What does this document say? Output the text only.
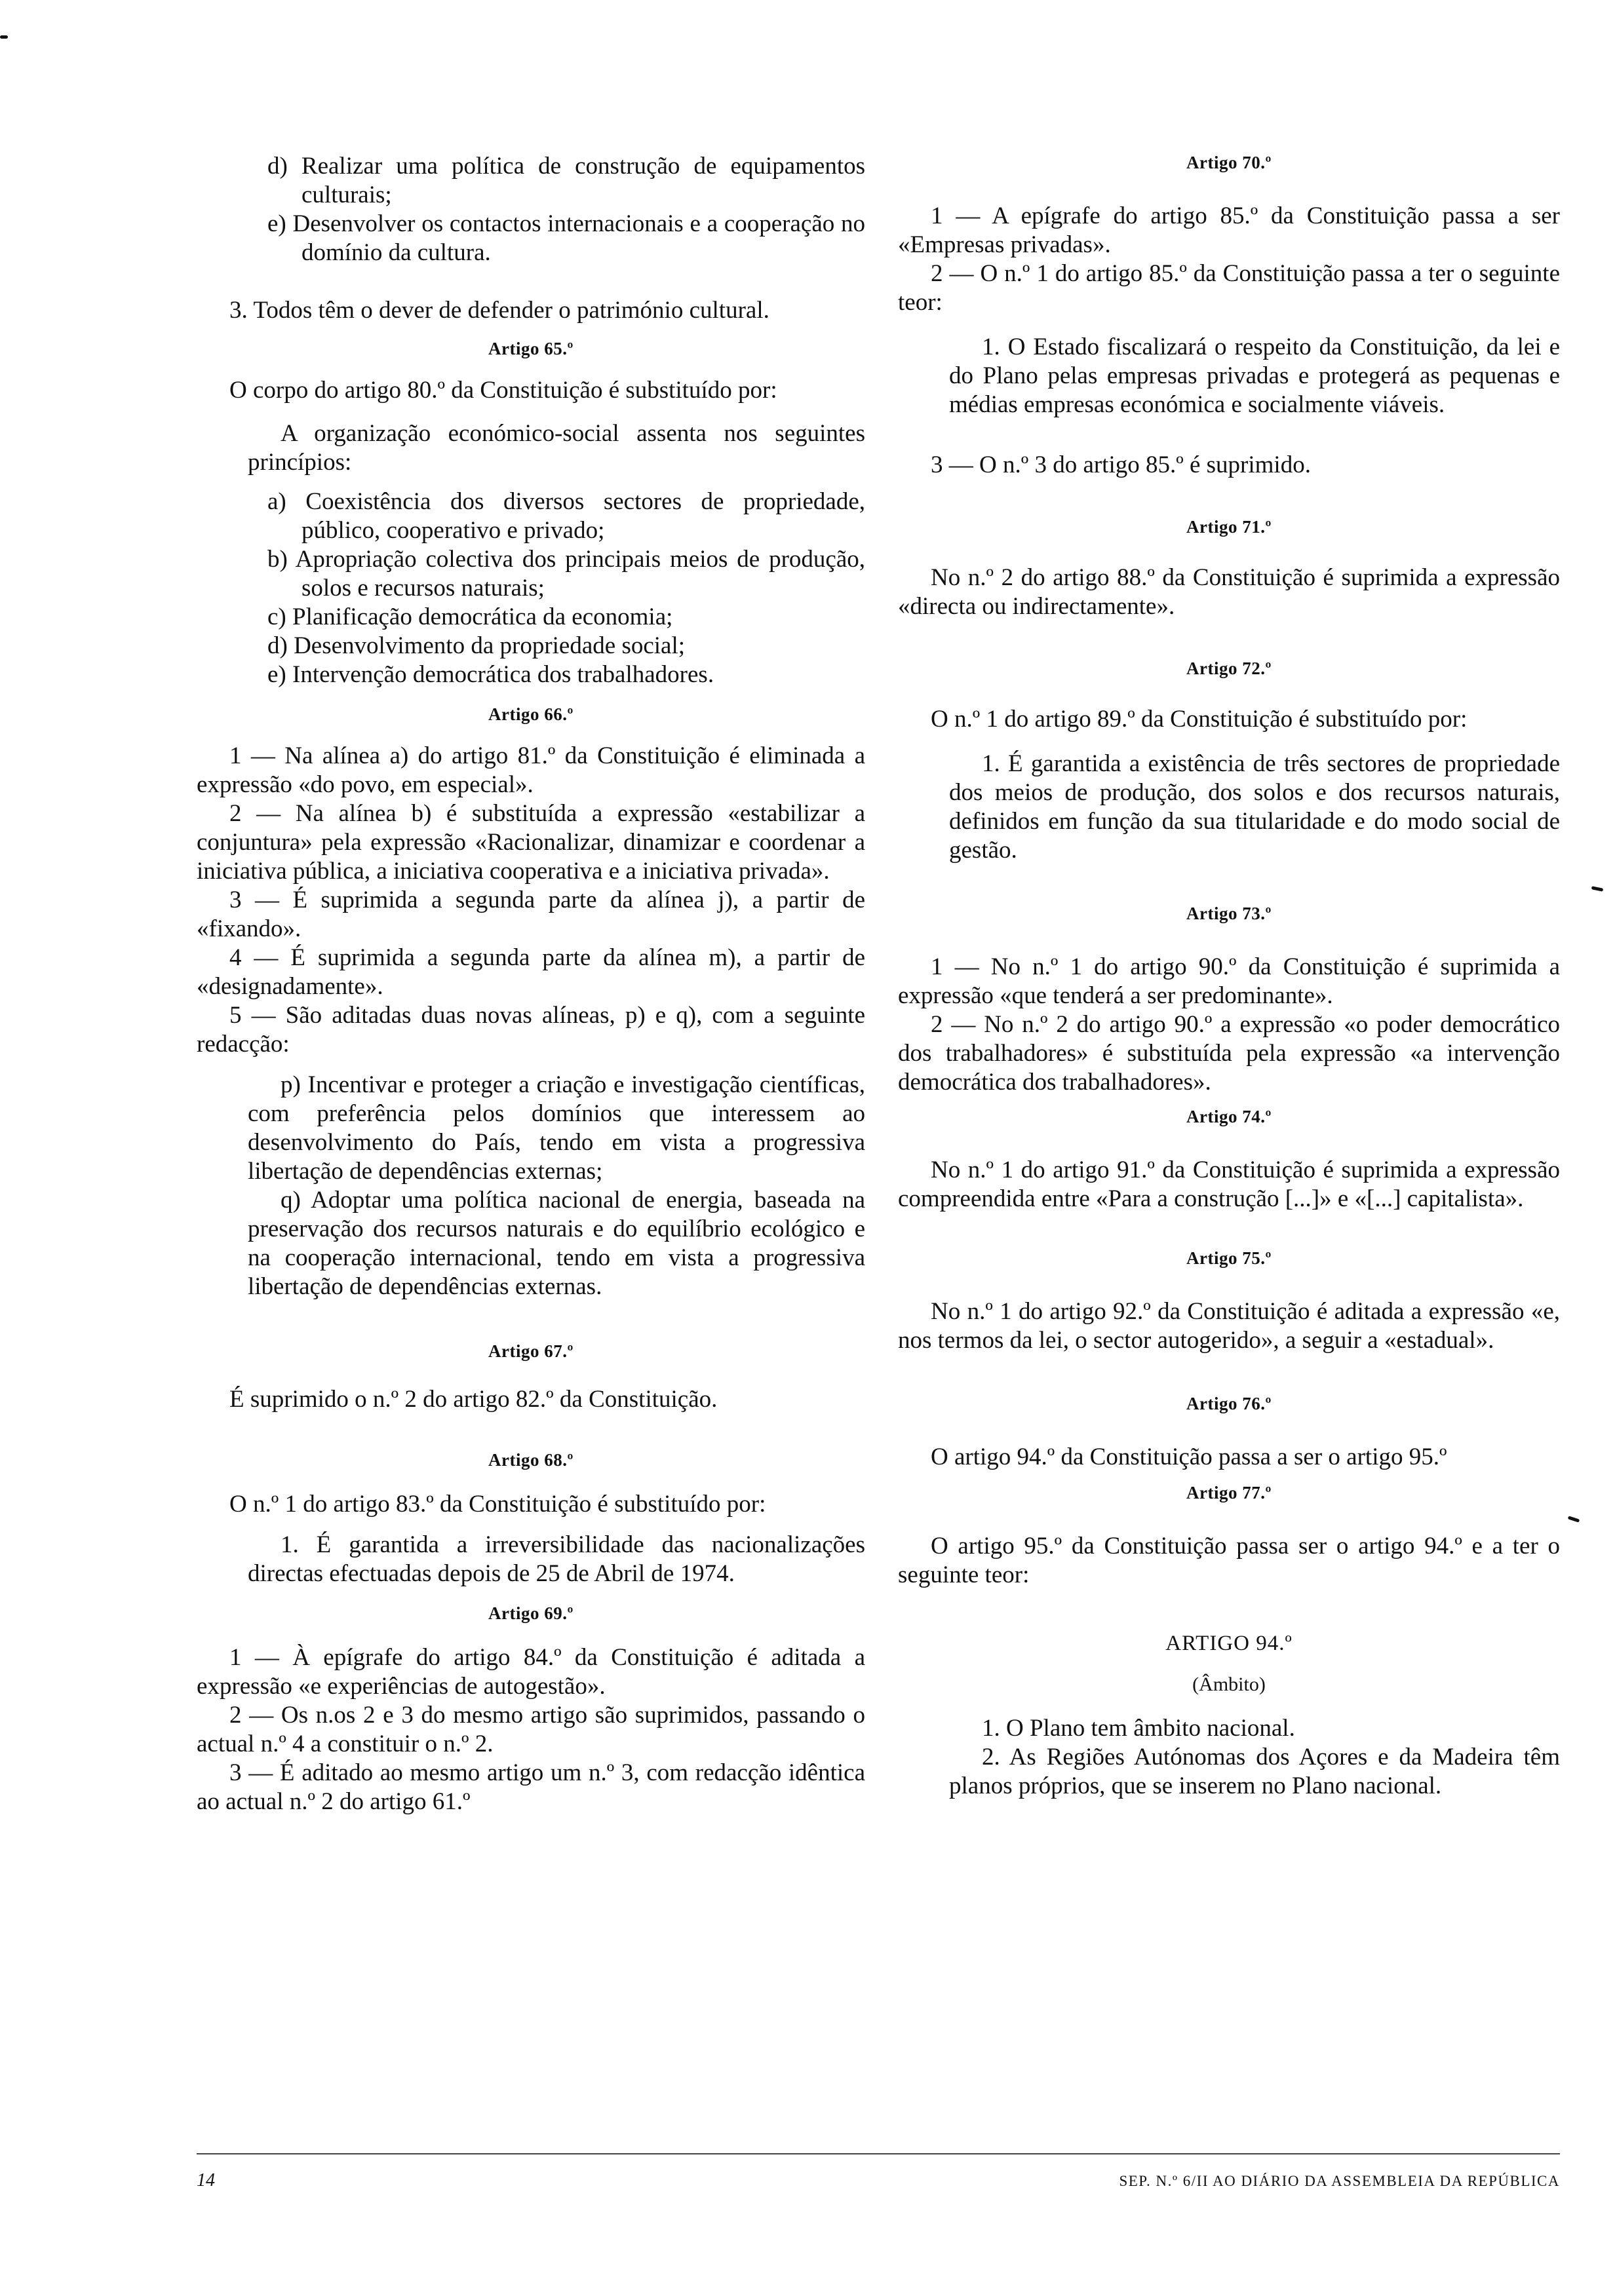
d) Realizar uma política de construção de equipamentos culturais;

e) Desenvolver os contactos internacionais e a cooperação no domínio da cultura.

3. Todos têm o dever de defender o património cultural.

Artigo 65.º

O corpo do artigo 80.º da Constituição é substituído por:

A organização económico-social assenta nos seguintes princípios:

a) Coexistência dos diversos sectores de propriedade, público, cooperativo e privado;

b) Apropriação colectiva dos principais meios de produção, solos e recursos naturais;

c) Planificação democrática da economia;

d) Desenvolvimento da propriedade social;

e) Intervenção democrática dos trabalhadores.

Artigo 66.º

1 — Na alínea a) do artigo 81.º da Constituição é eliminada a expressão «do povo, em especial».

2 — Na alínea b) é substituída a expressão «estabilizar a conjuntura» pela expressão «Racionalizar, dinamizar e coordenar a iniciativa pública, a iniciativa cooperativa e a iniciativa privada».

3 — É suprimida a segunda parte da alínea j), a partir de «fixando».

4 — É suprimida a segunda parte da alínea m), a partir de «designadamente».

5 — São aditadas duas novas alíneas, p) e q), com a seguinte redacção:

p) Incentivar e proteger a criação e investigação científicas, com preferência pelos domínios que interessem ao desenvolvimento do País, tendo em vista a progressiva libertação de dependências externas;

q) Adoptar uma política nacional de energia, baseada na preservação dos recursos naturais e do equilíbrio ecológico e na cooperação internacional, tendo em vista a progressiva libertação de dependências externas.

Artigo 67.º

É suprimido o n.º 2 do artigo 82.º da Constituição.

Artigo 68.º

O n.º 1 do artigo 83.º da Constituição é substituído por:

1. É garantida a irreversibilidade das nacionalizações directas efectuadas depois de 25 de Abril de 1974.

Artigo 69.º

1 — À epígrafe do artigo 84.º da Constituição é aditada a expressão «e experiências de autogestão».

2 — Os n.os 2 e 3 do mesmo artigo são suprimidos, passando o actual n.º 4 a constituir o n.º 2.

3 — É aditado ao mesmo artigo um n.º 3, com redacção idêntica ao actual n.º 2 do artigo 61.º

Artigo 70.º

1 — A epígrafe do artigo 85.º da Constituição passa a ser «Empresas privadas».

2 — O n.º 1 do artigo 85.º da Constituição passa a ter o seguinte teor:

1. O Estado fiscalizará o respeito da Constituição, da lei e do Plano pelas empresas privadas e protegerá as pequenas e médias empresas económica e socialmente viáveis.

3 — O n.º 3 do artigo 85.º é suprimido.

Artigo 71.º

No n.º 2 do artigo 88.º da Constituição é suprimida a expressão «directa ou indirectamente».

Artigo 72.º

O n.º 1 do artigo 89.º da Constituição é substituído por:

1. É garantida a existência de três sectores de propriedade dos meios de produção, dos solos e dos recursos naturais, definidos em função da sua titularidade e do modo social de gestão.

Artigo 73.º

1 — No n.º 1 do artigo 90.º da Constituição é suprimida a expressão «que tenderá a ser predominante».

2 — No n.º 2 do artigo 90.º a expressão «o poder democrático dos trabalhadores» é substituída pela expressão «a intervenção democrática dos trabalhadores».

Artigo 74.º

No n.º 1 do artigo 91.º da Constituição é suprimida a expressão compreendida entre «Para a construção [...]» e «[...] capitalista».

Artigo 75.º

No n.º 1 do artigo 92.º da Constituição é aditada a expressão «e, nos termos da lei, o sector autogerido», a seguir a «estadual».

Artigo 76.º

O artigo 94.º da Constituição passa a ser o artigo 95.º

Artigo 77.º

O artigo 95.º da Constituição passa ser o artigo 94.º e a ter o seguinte teor:

ARTIGO 94.º

(Âmbito)

1. O Plano tem âmbito nacional.

2. As Regiões Autónomas dos Açores e da Madeira têm planos próprios, que se inserem no Plano nacional.

14	SEP. N.º 6/II AO DIÁRIO DA ASSEMBLEIA DA REPÚBLICA
